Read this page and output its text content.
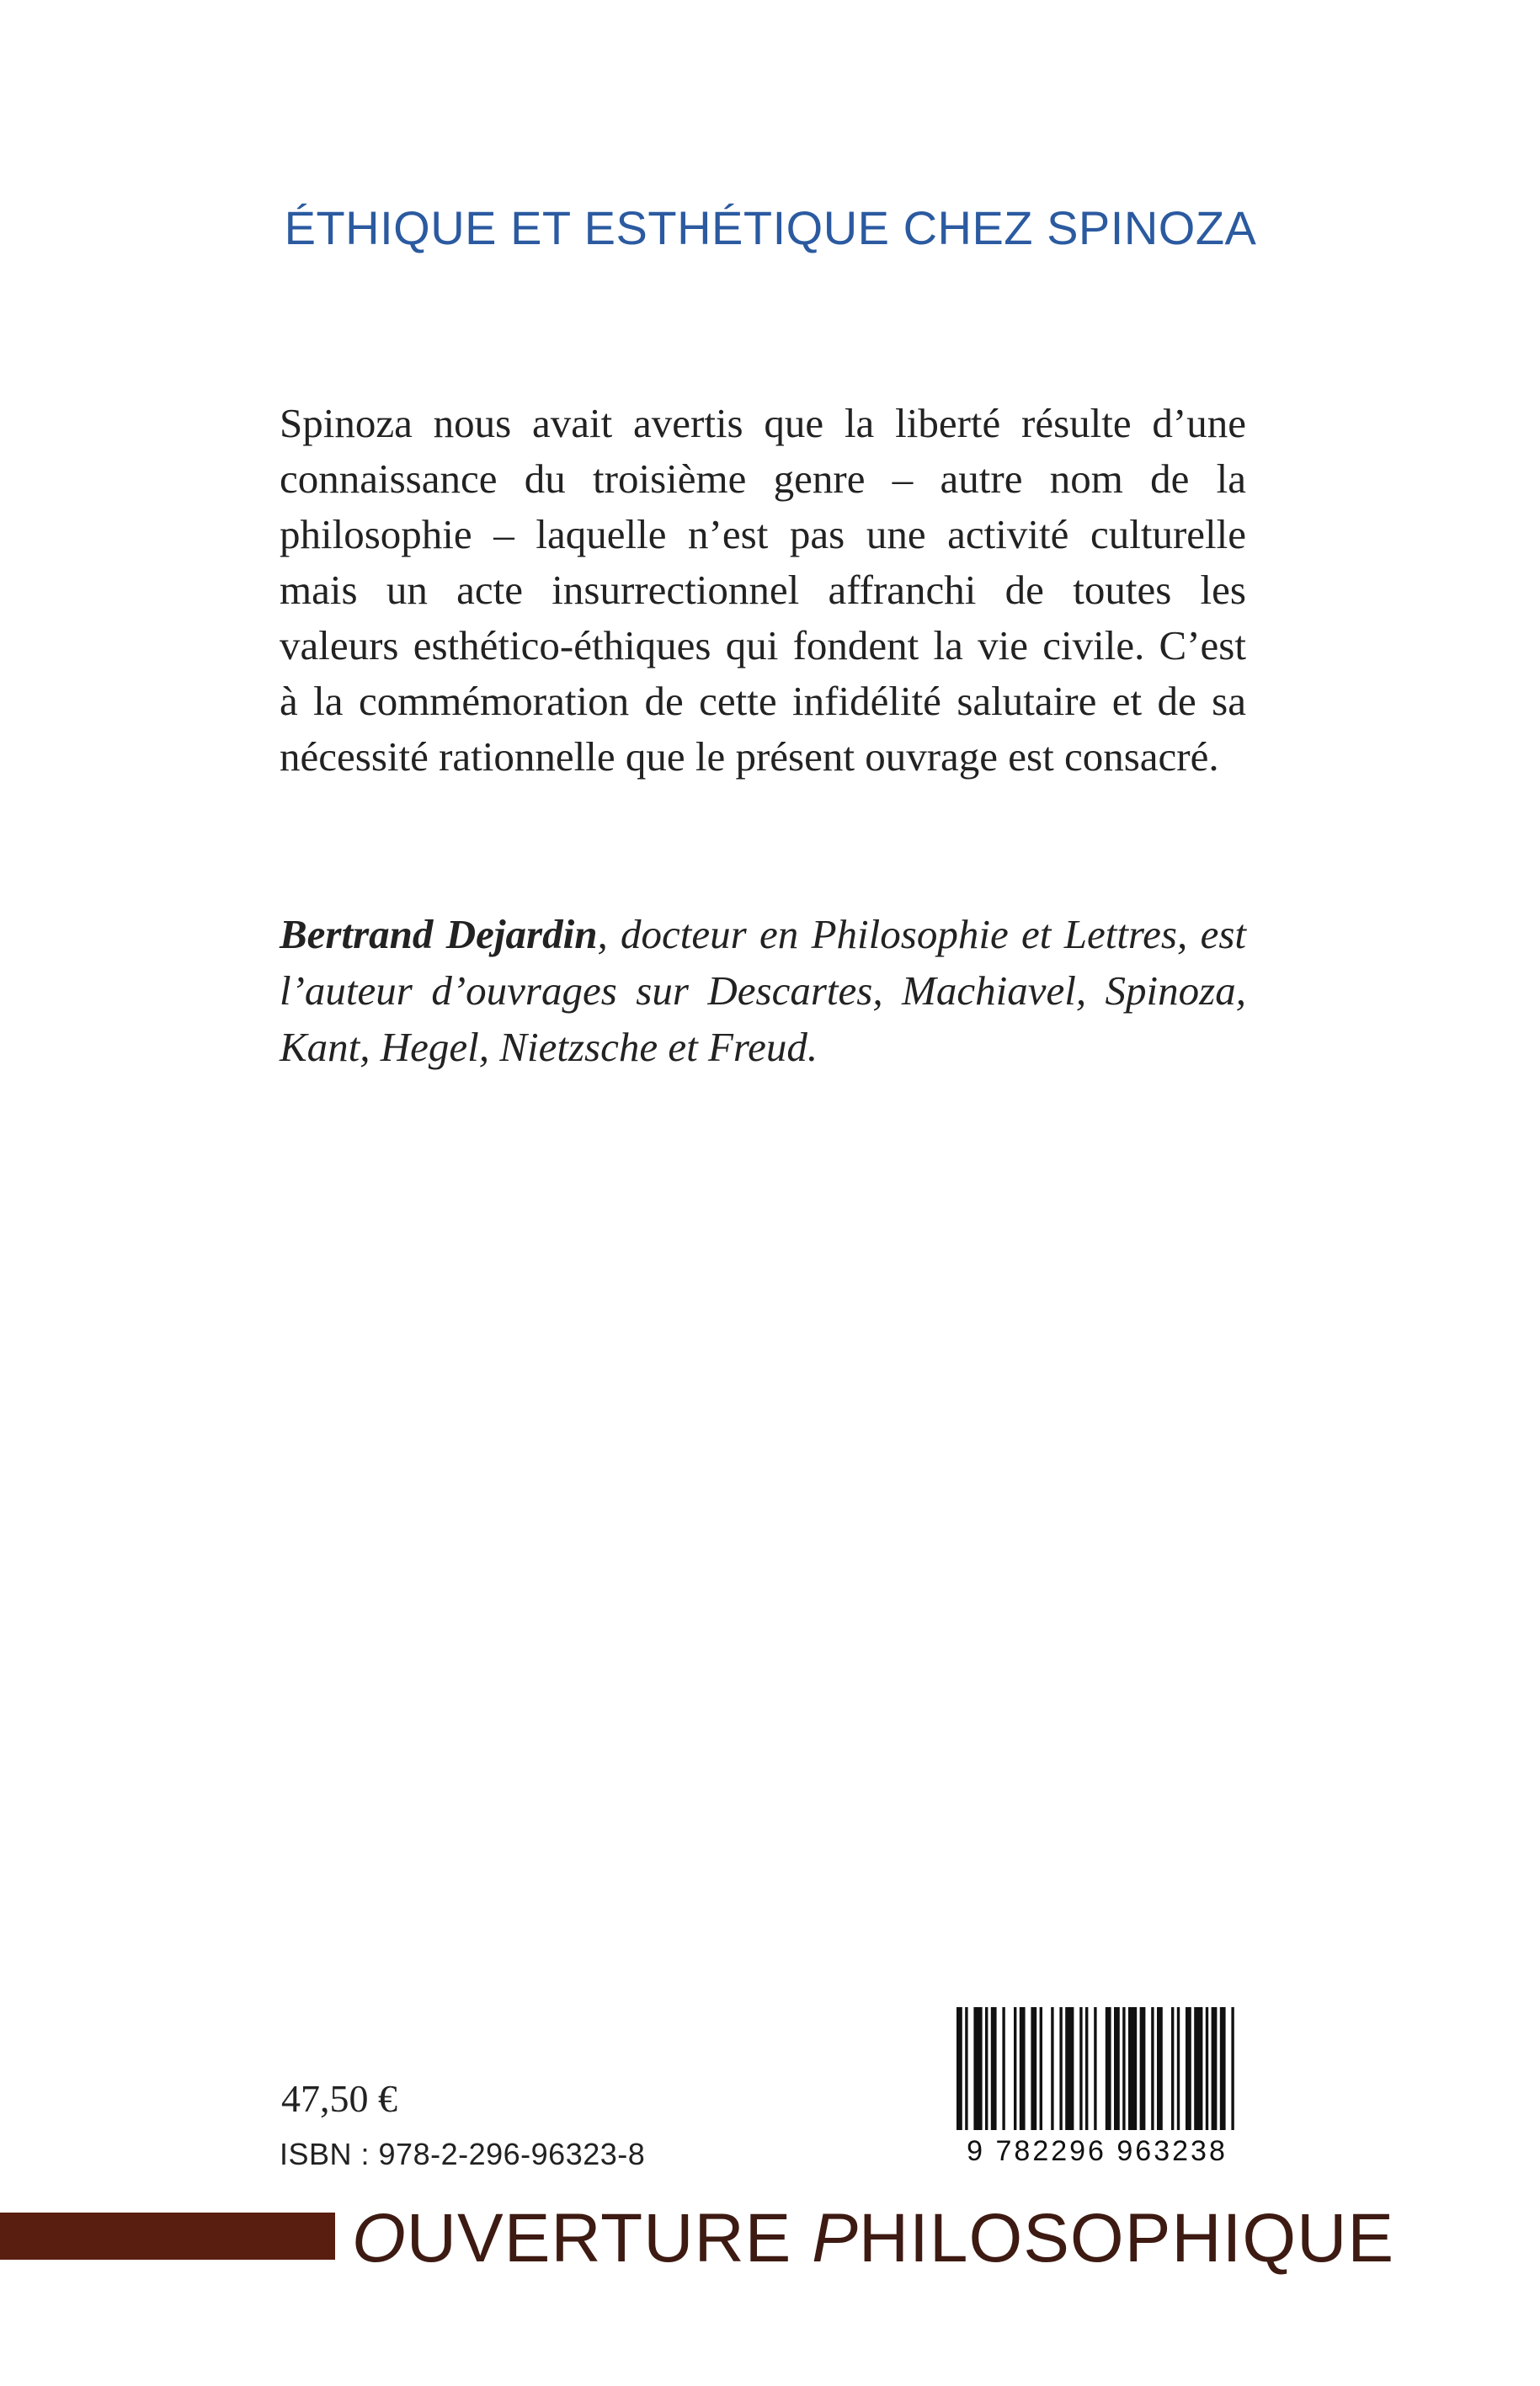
ÉTHIQUE ET ESTHÉTIQUE CHEZ SPINOZA
Spinoza nous avait avertis que la liberté résulte d’une
connaissance du troisième genre – autre nom de la
philosophie – laquelle n’est pas une activité culturelle
mais un acte insurrectionnel affranchi de toutes les
valeurs esthético-éthiques qui fondent la vie civile. C’est
à la commémoration de cette infidélité salutaire et de sa
nécessité rationnelle que le présent ouvrage est consacré.
Bertrand Dejardin, docteur en Philosophie et Lettres, est
l’auteur d’ouvrages sur Descartes, Machiavel, Spinoza,
Kant, Hegel, Nietzsche et Freud.
47,50 €
ISBN : 978-2-296-96323-8	9 782296 963238
OUVERTURE PHILOSOPHIQUE
